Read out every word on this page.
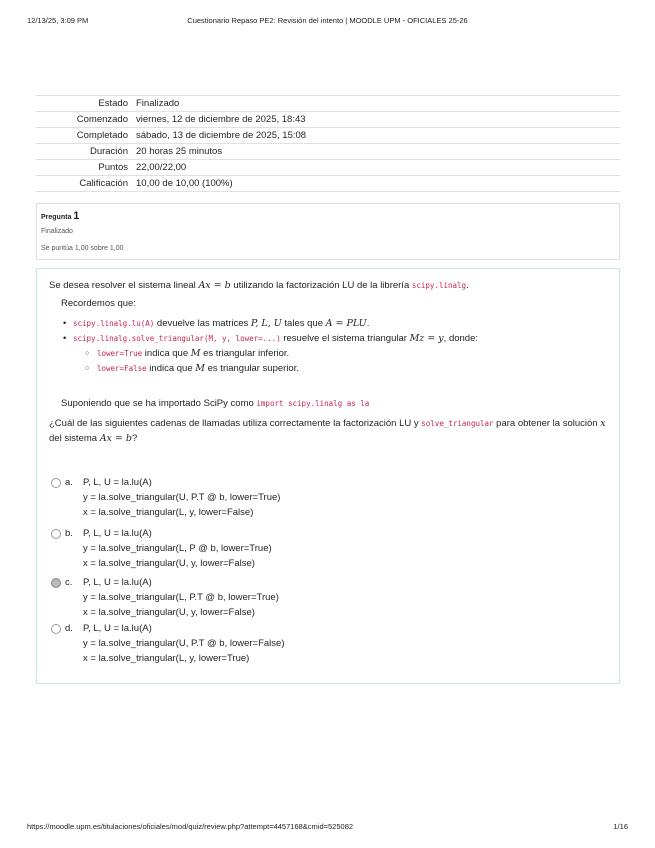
12/13/25, 3:09 PM	Cuestionario Repaso PE2: Revisión del intento | MOODLE UPM - OFICIALES 25-26
Estado	Finalizado
Comenzado	viernes, 12 de diciembre de 2025, 18:43
Completado	sábado, 13 de diciembre de 2025, 15:08
Duración	20 horas 25 minutos
Puntos	22,00/22,00
Calificación	10,00 de 10,00 (100%)
Pregunta 1
Finalizado
Se puntúa 1,00 sobre 1,00
Se desea resolver el sistema lineal Ax = b utilizando la factorización LU de la librería scipy.linalg.
Recordemos que:
• scipy.linalg.lu(A) devuelve las matrices P, L, U tales que A = PLU.
• scipy.linalg.solve_triangular(M, y, lower=...) resuelve el sistema triangular Mz = y, donde:
○ lower=True indica que M es triangular inferior.
○ lower=False indica que M es triangular superior.
Suponiendo que se ha importado SciPy como import scipy.linalg as la
¿Cuál de las siguientes cadenas de llamadas utiliza correctamente la factorización LU y solve_triangular para obtener la solución x del sistema Ax = b?
a. P, L, U = la.lu(A)
y = la.solve_triangular(U, P.T @ b, lower=True)
x = la.solve_triangular(L, y, lower=False)
b. P, L, U = la.lu(A)
y = la.solve_triangular(L, P @ b, lower=True)
x = la.solve_triangular(U, y, lower=False)
c. P, L, U = la.lu(A)
y = la.solve_triangular(L, P.T @ b, lower=True)
x = la.solve_triangular(U, y, lower=False)
d. P, L, U = la.lu(A)
y = la.solve_triangular(U, P.T @ b, lower=False)
x = la.solve_triangular(L, y, lower=True)
https://moodle.upm.es/titulaciones/oficiales/mod/quiz/review.php?attempt=4457168&cmid=525082	1/16
